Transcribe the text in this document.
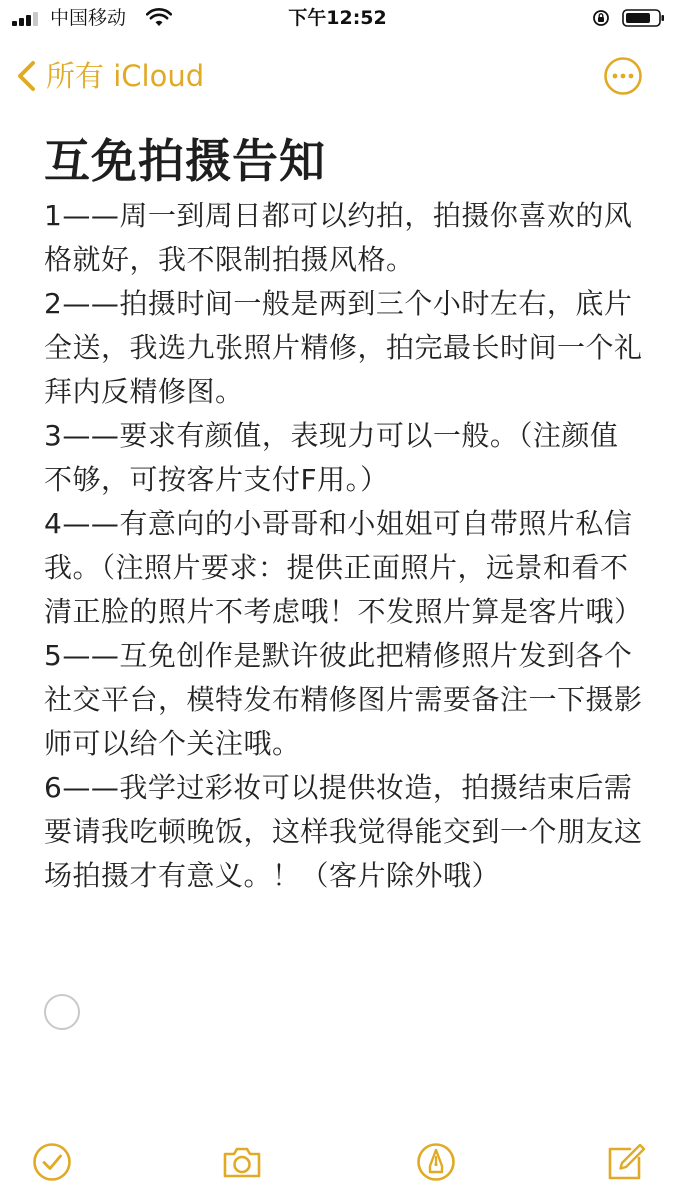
中国移动	下午12:52
所有 iCloud
互免拍摄告知

1——周一到周日都可以约拍，拍摄你喜欢的风格就好，我不限制拍摄风格。

2——拍摄时间一般是两到三个小时左右，底片全送，我选九张照片精修，拍完最长时间一个礼拜内反精修图。

3——要求有颜值，表现力可以一般。（注颜值不够，可按客片支付F用。）

4——有意向的小哥哥和小姐姐可自带照片私信我。（注照片要求：提供正面照片，远景和看不清正脸的照片不考虑哦！不发照片算是客片哦）

5——互免创作是默许彼此把精修照片发到各个社交平台，模特发布精修图片需要备注一下摄影师可以给个关注哦。

6——我学过彩妆可以提供妆造，拍摄结束后需要请我吃顿晚饭，这样我觉得能交到一个朋友这场拍摄才有意义。！（客片除外哦）
